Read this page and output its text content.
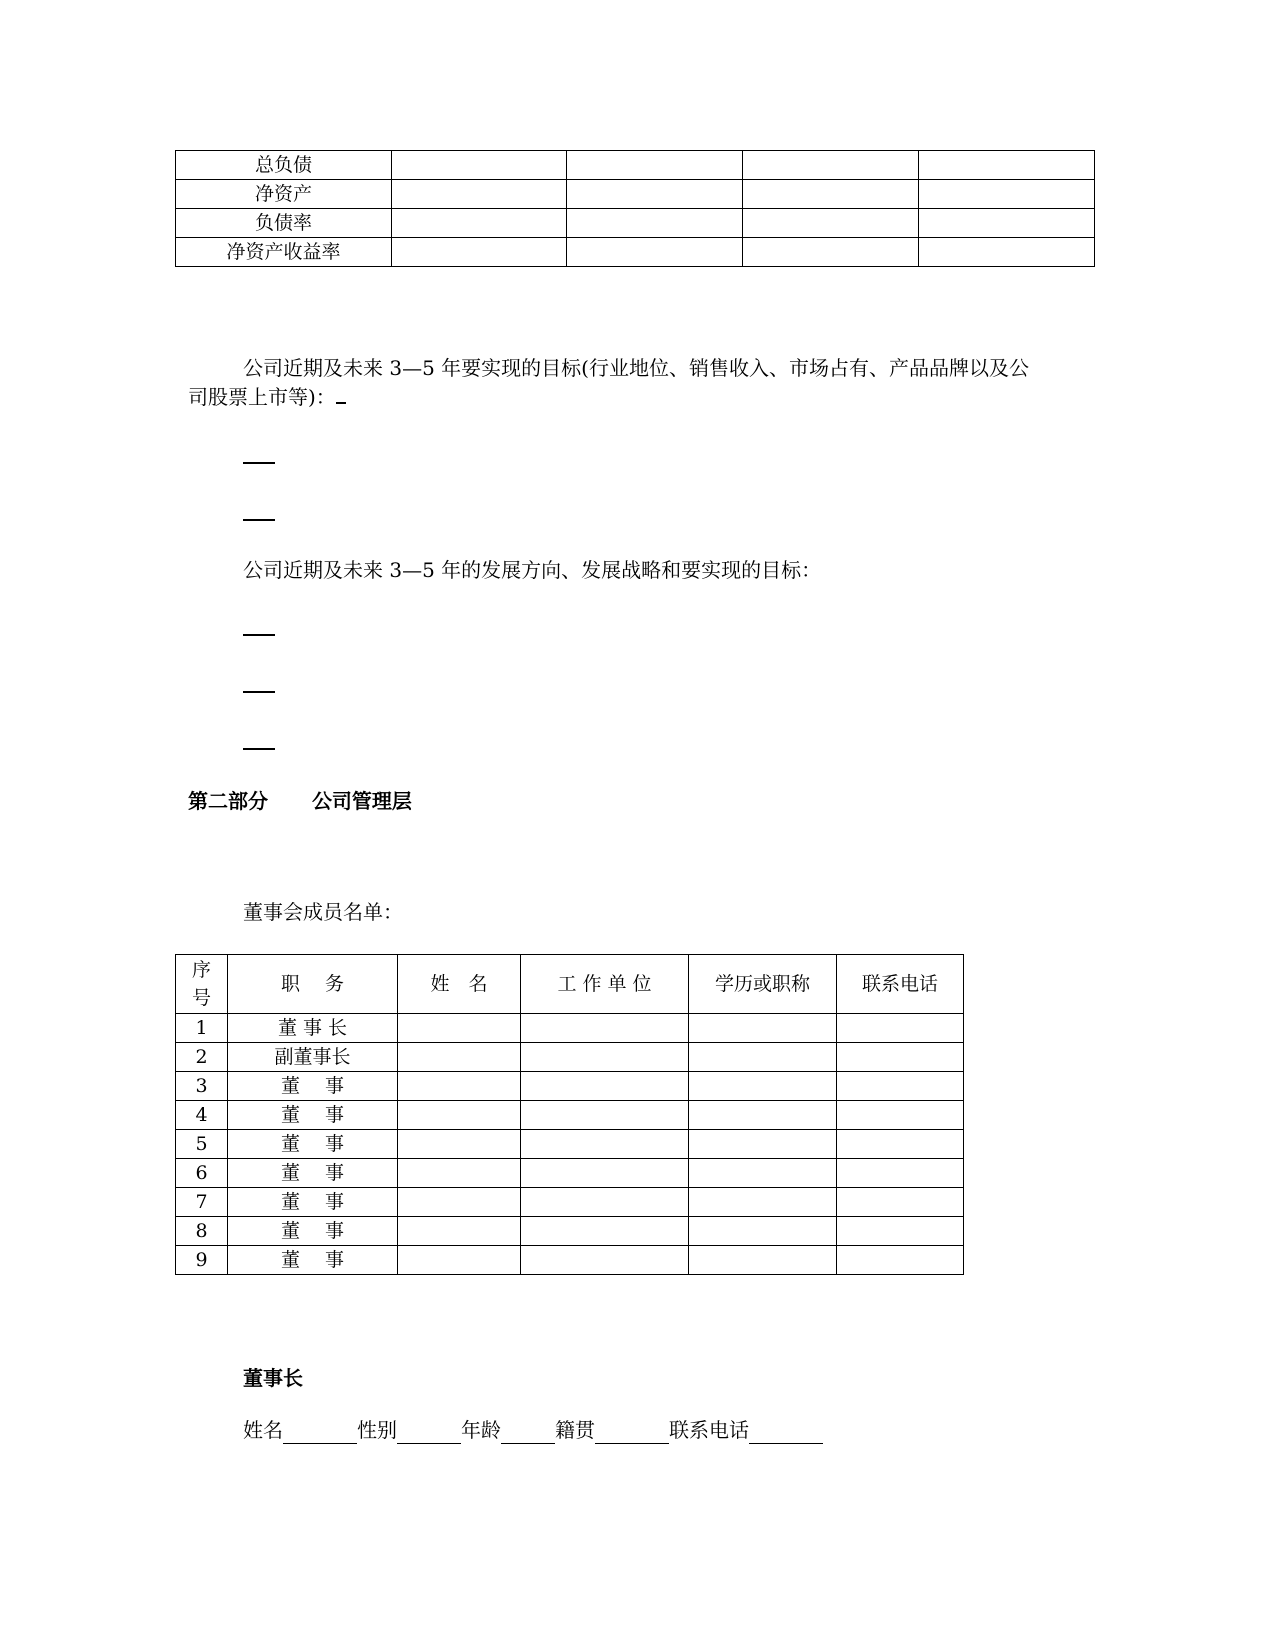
总负债				
净资产				
负债率				
净资产收益率				
公司近期及未来 3—5 年要实现的目标(行业地位、销售收入、市场占有、产品品牌以及公
司股票上市等)：
公司近期及未来 3—5 年的发展方向、发展战略和要实现的目标：
第二部分 公司管理层
董事会成员名单：
序
号	职　 务	姓　名	工 作 单 位	学历或职称	联系电话
1	董 事 长				
2	副董事长				
3	董　 事				
4	董　 事				
5	董　 事				
6	董　 事				
7	董　 事				
8	董　 事				
9	董　 事				
董事长
姓名	性别	年龄	籍贯	联系电话
